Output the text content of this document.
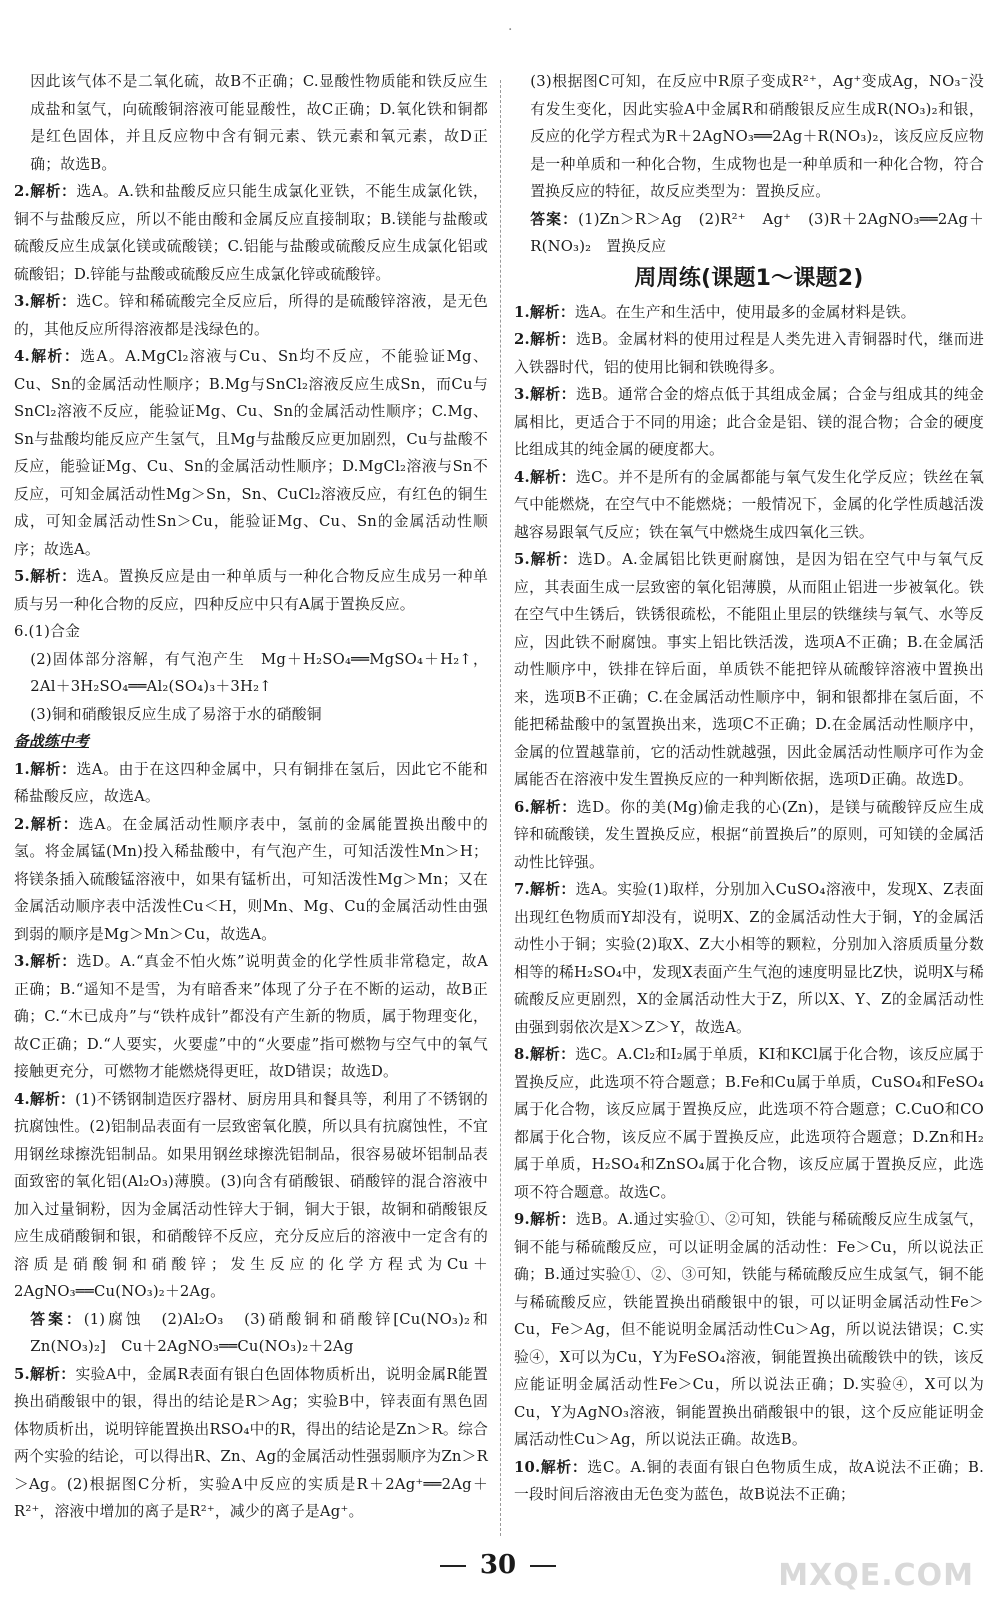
·

因此该气体不是二氧化硫，故B不正确；C.显酸性物质能和铁反应生成盐和氢气，向硫酸铜溶液可能显酸性，故C正确；D.氧化铁和铜都是红色固体，并且反应物中含有铜元素、铁元素和氧元素，故D正确；故选B。

2.解析：选A。A.铁和盐酸反应只能生成氯化亚铁，不能生成氯化铁，铜不与盐酸反应，所以不能由酸和金属反应直接制取；B.镁能与盐酸或硫酸反应生成氯化镁或硫酸镁；C.铝能与盐酸或硫酸反应生成氯化铝或硫酸铝；D.锌能与盐酸或硫酸反应生成氯化锌或硫酸锌。

3.解析：选C。锌和稀硫酸完全反应后，所得的是硫酸锌溶液，是无色的，其他反应所得溶液都是浅绿色的。

4.解析：选A。A.MgCl₂溶液与Cu、Sn均不反应，不能验证Mg、Cu、Sn的金属活动性顺序；B.Mg与SnCl₂溶液反应生成Sn，而Cu与SnCl₂溶液不反应，能验证Mg、Cu、Sn的金属活动性顺序；C.Mg、Sn与盐酸均能反应产生氢气，且Mg与盐酸反应更加剧烈，Cu与盐酸不反应，能验证Mg、Cu、Sn的金属活动性顺序；D.MgCl₂溶液与Sn不反应，可知金属活动性Mg＞Sn，Sn、CuCl₂溶液反应，有红色的铜生成，可知金属活动性Sn＞Cu，能验证Mg、Cu、Sn的金属活动性顺序；故选A。

5.解析：选A。置换反应是由一种单质与一种化合物反应生成另一种单质与另一种化合物的反应，四种反应中只有A属于置换反应。

6.(1)合金

(2)固体部分溶解，有气泡产生　Mg＋H₂SO₄══MgSO₄＋H₂↑，2Al＋3H₂SO₄══Al₂(SO₄)₃＋3H₂↑

(3)铜和硝酸银反应生成了易溶于水的硝酸铜

备战练中考

1.解析：选A。由于在这四种金属中，只有铜排在氢后，因此它不能和稀盐酸反应，故选A。

2.解析：选A。在金属活动性顺序表中，氢前的金属能置换出酸中的氢。将金属锰(Mn)投入稀盐酸中，有气泡产生，可知活泼性Mn＞H；将镁条插入硫酸锰溶液中，如果有锰析出，可知活泼性Mg＞Mn；又在金属活动顺序表中活泼性Cu＜H，则Mn、Mg、Cu的金属活动性由强到弱的顺序是Mg＞Mn＞Cu，故选A。

3.解析：选D。A.“真金不怕火炼”说明黄金的化学性质非常稳定，故A正确；B.“遥知不是雪，为有暗香来”体现了分子在不断的运动，故B正确；C.“木已成舟”与“铁杵成针”都没有产生新的物质，属于物理变化，故C正确；D.“人要实，火要虚”中的“火要虚”指可燃物与空气中的氧气接触更充分，可燃物才能燃烧得更旺，故D错误；故选D。

4.解析：(1)不锈钢制造医疗器材、厨房用具和餐具等，利用了不锈钢的抗腐蚀性。(2)铝制品表面有一层致密氧化膜，所以具有抗腐蚀性，不宜用钢丝球擦洗铝制品。如果用钢丝球擦洗铝制品，很容易破坏铝制品表面致密的氧化铝(Al₂O₃)薄膜。(3)向含有硝酸银、硝酸锌的混合溶液中加入过量铜粉，因为金属活动性锌大于铜，铜大于银，故铜和硝酸银反应生成硝酸铜和银，和硝酸锌不反应，充分反应后的溶液中一定含有的溶质是硝酸铜和硝酸锌；发生反应的化学方程式为Cu＋2AgNO₃══Cu(NO₃)₂＋2Ag。

答案：(1)腐蚀　(2)Al₂O₃　(3)硝酸铜和硝酸锌[Cu(NO₃)₂和Zn(NO₃)₂]　Cu＋2AgNO₃══Cu(NO₃)₂＋2Ag

5.解析：实验A中，金属R表面有银白色固体物质析出，说明金属R能置换出硝酸银中的银，得出的结论是R＞Ag；实验B中，锌表面有黑色固体物质析出，说明锌能置换出RSO₄中的R，得出的结论是Zn＞R。综合两个实验的结论，可以得出R、Zn、Ag的金属活动性强弱顺序为Zn＞R＞Ag。(2)根据图C分析，实验A中反应的实质是R＋2Ag⁺══2Ag＋R²⁺，溶液中增加的离子是R²⁺，减少的离子是Ag⁺。

(3)根据图C可知，在反应中R原子变成R²⁺，Ag⁺变成Ag，NO₃⁻没有发生变化，因此实验A中金属R和硝酸银反应生成R(NO₃)₂和银，反应的化学方程式为R＋2AgNO₃══2Ag＋R(NO₃)₂，该反应反应物是一种单质和一种化合物，生成物也是一种单质和一种化合物，符合置换反应的特征，故反应类型为：置换反应。

答案：(1)Zn＞R＞Ag　(2)R²⁺　Ag⁺　(3)R＋2AgNO₃══2Ag＋R(NO₃)₂　置换反应

周周练(课题1～课题2)

1.解析：选A。在生产和生活中，使用最多的金属材料是铁。

2.解析：选B。金属材料的使用过程是人类先进入青铜器时代，继而进入铁器时代，铝的使用比铜和铁晚得多。

3.解析：选B。通常合金的熔点低于其组成金属；合金与组成其的纯金属相比，更适合于不同的用途；此合金是铝、镁的混合物；合金的硬度比组成其的纯金属的硬度都大。

4.解析：选C。并不是所有的金属都能与氧气发生化学反应；铁丝在氧气中能燃烧，在空气中不能燃烧；一般情况下，金属的化学性质越活泼越容易跟氧气反应；铁在氧气中燃烧生成四氧化三铁。

5.解析：选D。A.金属铝比铁更耐腐蚀，是因为铝在空气中与氧气反应，其表面生成一层致密的氧化铝薄膜，从而阻止铝进一步被氧化。铁在空气中生锈后，铁锈很疏松，不能阻止里层的铁继续与氧气、水等反应，因此铁不耐腐蚀。事实上铝比铁活泼，选项A不正确；B.在金属活动性顺序中，铁排在锌后面，单质铁不能把锌从硫酸锌溶液中置换出来，选项B不正确；C.在金属活动性顺序中，铜和银都排在氢后面，不能把稀盐酸中的氢置换出来，选项C不正确；D.在金属活动性顺序中，金属的位置越靠前，它的活动性就越强，因此金属活动性顺序可作为金属能否在溶液中发生置换反应的一种判断依据，选项D正确。故选D。

6.解析：选D。你的美(Mg)偷走我的心(Zn)，是镁与硫酸锌反应生成锌和硫酸镁，发生置换反应，根据“前置换后”的原则，可知镁的金属活动性比锌强。

7.解析：选A。实验(1)取样，分别加入CuSO₄溶液中，发现X、Z表面出现红色物质而Y却没有，说明X、Z的金属活动性大于铜，Y的金属活动性小于铜；实验(2)取X、Z大小相等的颗粒，分别加入溶质质量分数相等的稀H₂SO₄中，发现X表面产生气泡的速度明显比Z快，说明X与稀硫酸反应更剧烈，X的金属活动性大于Z，所以X、Y、Z的金属活动性由强到弱依次是X＞Z＞Y，故选A。

8.解析：选C。A.Cl₂和I₂属于单质，KI和KCl属于化合物，该反应属于置换反应，此选项不符合题意；B.Fe和Cu属于单质，CuSO₄和FeSO₄属于化合物，该反应属于置换反应，此选项不符合题意；C.CuO和CO都属于化合物，该反应不属于置换反应，此选项符合题意；D.Zn和H₂属于单质，H₂SO₄和ZnSO₄属于化合物，该反应属于置换反应，此选项不符合题意。故选C。

9.解析：选B。A.通过实验①、②可知，铁能与稀硫酸反应生成氢气，铜不能与稀硫酸反应，可以证明金属的活动性：Fe＞Cu，所以说法正确；B.通过实验①、②、③可知，铁能与稀硫酸反应生成氢气，铜不能与稀硫酸反应，铁能置换出硝酸银中的银，可以证明金属活动性Fe＞Cu，Fe＞Ag，但不能说明金属活动性Cu＞Ag，所以说法错误；C.实验④，X可以为Cu，Y为FeSO₄溶液，铜能置换出硫酸铁中的铁，该反应能证明金属活动性Fe＞Cu，所以说法正确；D.实验④，X可以为Cu，Y为AgNO₃溶液，铜能置换出硝酸银中的银，这个反应能证明金属活动性Cu＞Ag，所以说法正确。故选B。

10.解析：选C。A.铜的表面有银白色物质生成，故A说法不正确；B.一段时间后溶液由无色变为蓝色，故B说法不正确；

30	MXQE.COM
